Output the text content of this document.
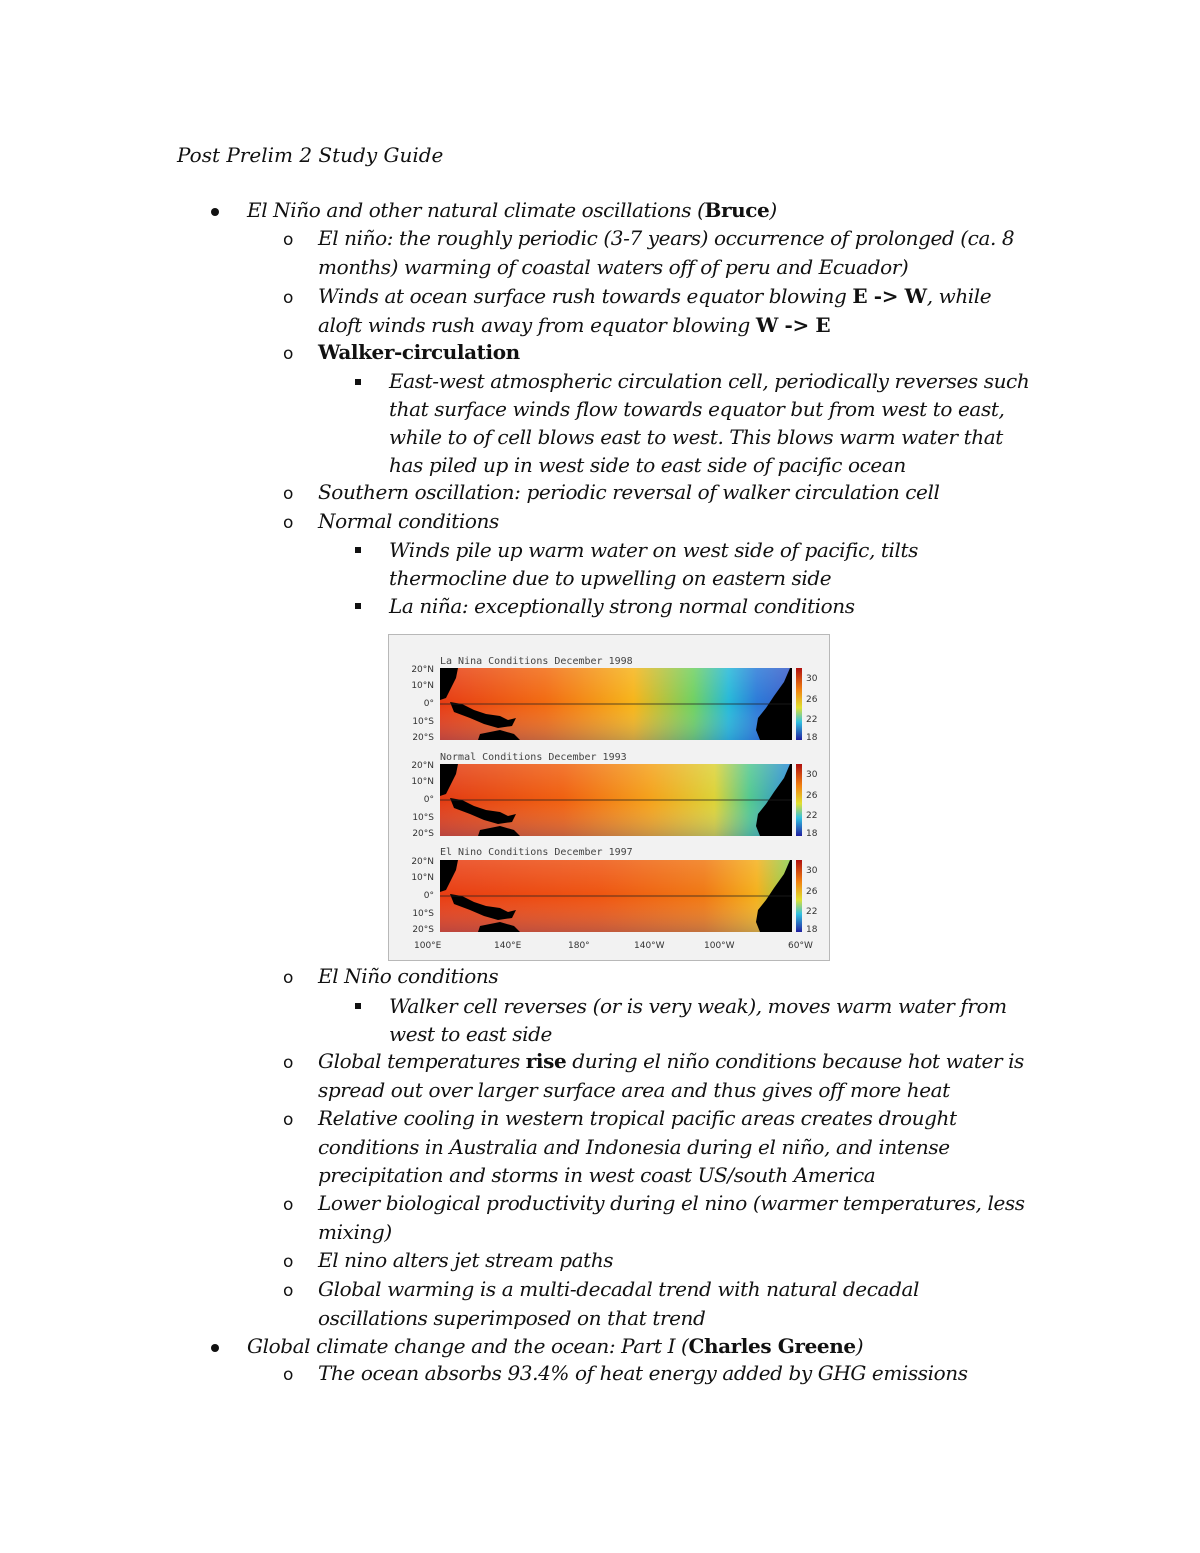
Post Prelim 2 Study Guide
El Niño and other natural climate oscillations (Bruce)
o El niño: the roughly periodic (3-7 years) occurrence of prolonged (ca. 8
months) warming of coastal waters off of peru and Ecuador)
o Winds at ocean surface rush towards equator blowing E -> W, while
aloft winds rush away from equator blowing W -> E
o Walker-circulation
East-west atmospheric circulation cell, periodically reverses such
that surface winds flow towards equator but from west to east,
while to of cell blows east to west. This blows warm water that
has piled up in west side to east side of pacific ocean
o Southern oscillation: periodic reversal of walker circulation cell
o Normal conditions
Winds pile up warm water on west side of pacific, tilts
thermocline due to upwelling on eastern side
La niña: exceptionally strong normal conditions
La Nina Conditions December 1998
20°N
10°N
0°
10°S
20°S
30
26
22
18
Normal Conditions December 1993
20°N
10°N
0°
10°S
20°S
30
26
22
18
El Nino Conditions December 1997
20°N
10°N
0°
10°S
20°S
30
26
22
18
100°E	140°E	180°	140°W	100°W	60°W
o El Niño conditions
Walker cell reverses (or is very weak), moves warm water from
west to east side
o Global temperatures rise during el niño conditions because hot water is
spread out over larger surface area and thus gives off more heat
o Relative cooling in western tropical pacific areas creates drought
conditions in Australia and Indonesia during el niño, and intense
precipitation and storms in west coast US/south America
o Lower biological productivity during el nino (warmer temperatures, less
mixing)
o El nino alters jet stream paths
o Global warming is a multi-decadal trend with natural decadal
oscillations superimposed on that trend
Global climate change and the ocean: Part I (Charles Greene)
o The ocean absorbs 93.4% of heat energy added by GHG emissions
